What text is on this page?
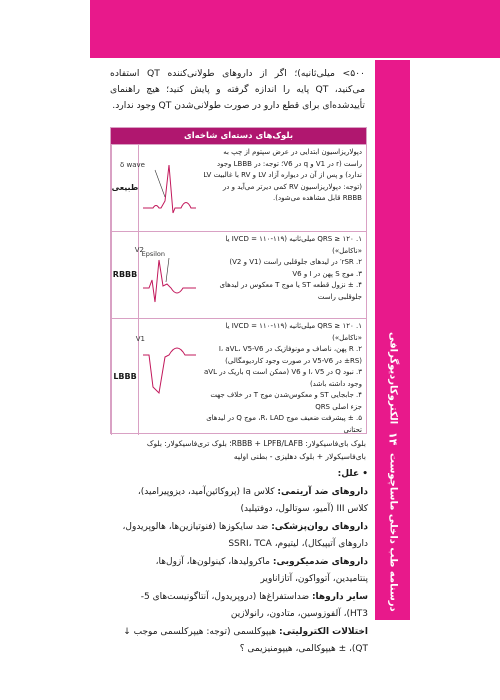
درسنامه طب داخلی ماساچوست
۱۴
الکتروکاردیوگرافی
۵۰۰> میلی‌ثانیه)؛ اگر از داروهای طولانی‌کننده QT استفاده می‌کنید، QT پایه را اندازه گرفته و پایش کنید؛ هیچ راهنمای تأییدشده‌ای برای قطع دارو در صورت طولانی‌شدن QT وجود ندارد.
بلوک‌های دسته‌ای شاخه‌ای

دپولاریزاسیون ابتدایی در عرض سپتوم از چپ به راست (r در V1 و q در V6؛ توجه: در LBBB وجود ندارد) و پس از آن در دیواره آزاد LV و RV با غالبیت LV (توجه: دپولاریزاسیون RV کمی دیرتر می‌آید و در RBBB قابل مشاهده می‌شود).

δ wave
طبیعی

۱. QRS ≥ ۱۲۰ میلی‌ثانیه (۱۱۹-۱۱۰ = IVCD یا «ناکامل»)

۲. rSR′ در لیدهای جلوقلبی راست (V1 و V2)

۳. موج S پهن در I و V6

۴. ± نزول قطعه ST یا موج T معکوس در لیدهای جلوقلبی راست

V2
Epsilon
RBBB

۱. QRS ≥ ۱۲۰ میلی‌ثانیه (۱۱۹-۱۱۰ = IVCD یا «ناکامل»)

۲. R پهن، ناصاف و مونوفازیک در I، aVL، V5-V6 (RS± در V5-V6 در صورت وجود کاردیومگالی)

۳. نبود Q در I، V5 و V6 (ممکن است q باریک در aVL وجود داشته باشد)

۴. جابجایی ST و معکوس‌شدن موج T در خلاف جهت جزء اصلی QRS

۵. ± پیشرفت ضعیف موج R، LAD، موج Q در لیدهای تحتانی

V1
LBBB
بلوک بای‌فاسیکولار: RBBB + LPFB/LAFB؛ بلوک تری‌فاسیکولار: بلوک بای‌فاسیکولار + بلوک دهلیزی - بطنی اولیه

• علل:

داروهای ضد آریتمی: کلاس Ia (پروکائین‌آمید، دیزوپیرامید)، کلاس III (آمیو، سوتالول، دوفتیلید)

داروهای روان‌پزشکی: ضد سایکوزها (فنوتیازین‌ها، هالوپریدول، داروهای آتیپیکال)، لیتیوم، SSRI، TCA

داروهای ضدمیکروبی: ماکرولیدها، کینولون‌ها، آزول‌ها، پنتامیدین، آتوواکون، آتازاناویر

سایر داروها: ضداستفراغ‌ها (دروپریدول، آنتاگونیست‌های 5-HT3)، آلفوزوسین، متادون، رانولازین

اختلالات الکترولیتی: هیپوکلسمی (توجه: هیپرکلسمی موجب ↓ QT)، ± هیپوکالمی، هیپومنیزیمی ؟
